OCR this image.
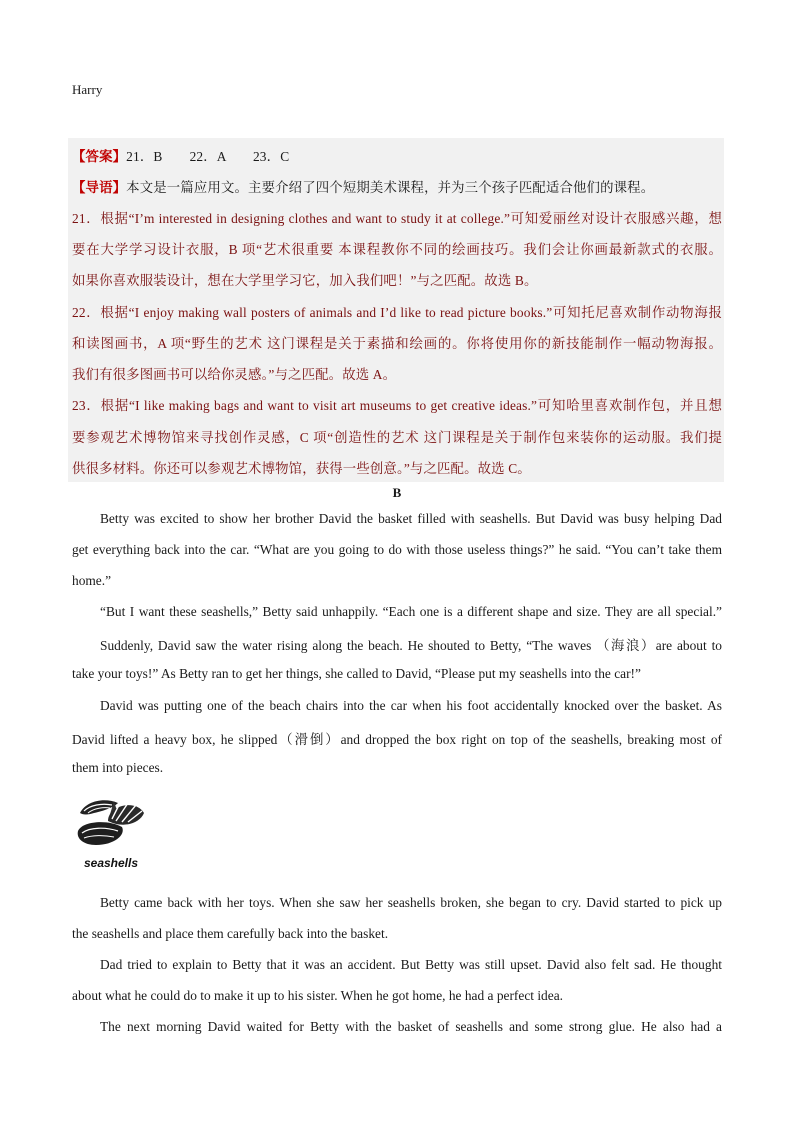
Harry
【答案】21．B　　22．A　　23．C
【导语】本文是一篇应用文。主要介绍了四个短期美术课程，并为三个孩子匹配适合他们的课程。
21．根据“I’m interested in designing clothes and want to study it at college.”可知爱丽丝对设计衣服感兴趣，想
要在大学学习设计衣服，B 项“艺术很重要 本课程教你不同的绘画技巧。我们会让你画最新款式的衣服。
如果你喜欢服装设计，想在大学里学习它，加入我们吧！”与之匹配。故选 B。
22．根据“I enjoy making wall posters of animals and I’d like to read picture books.”可知托尼喜欢制作动物海报
和读图画书，A 项“野生的艺术 这门课程是关于素描和绘画的。你将使用你的新技能制作一幅动物海报。
我们有很多图画书可以给你灵感。”与之匹配。故选 A。
23．根据“I like making bags and want to visit art museums to get creative ideas.”可知哈里喜欢制作包，并且想
要参观艺术博物馆来寻找创作灵感，C 项“创造性的艺术 这门课程是关于制作包来装你的运动服。我们提
供很多材料。你还可以参观艺术博物馆，获得一些创意。”与之匹配。故选 C。
B
Betty was excited to show her brother David the basket filled with seashells. But David was busy helping Dad
get everything back into the car. “What are you going to do with those useless things?” he said. “You can’t take them
home.”
“But I want these seashells,” Betty said unhappily. “Each one is a different shape and size. They are all special.”
Suddenly, David saw the water rising along the beach. He shouted to Betty, “The waves （海浪）are about to
take your toys!” As Betty ran to get her things, she called to David, “Please put my seashells into the car!”
David was putting one of the beach chairs into the car when his foot accidentally knocked over the basket. As
David lifted a heavy box, he slipped（滑倒）and dropped the box right on top of the seashells, breaking most of
them into pieces.
seashells
Betty came back with her toys. When she saw her seashells broken, she began to cry. David started to pick up
the seashells and place them carefully back into the basket.
Dad tried to explain to Betty that it was an accident. But Betty was still upset. David also felt sad. He thought
about what he could do to make it up to his sister. When he got home, he had a perfect idea.
The next morning David waited for Betty with the basket of seashells and some strong glue. He also had a
